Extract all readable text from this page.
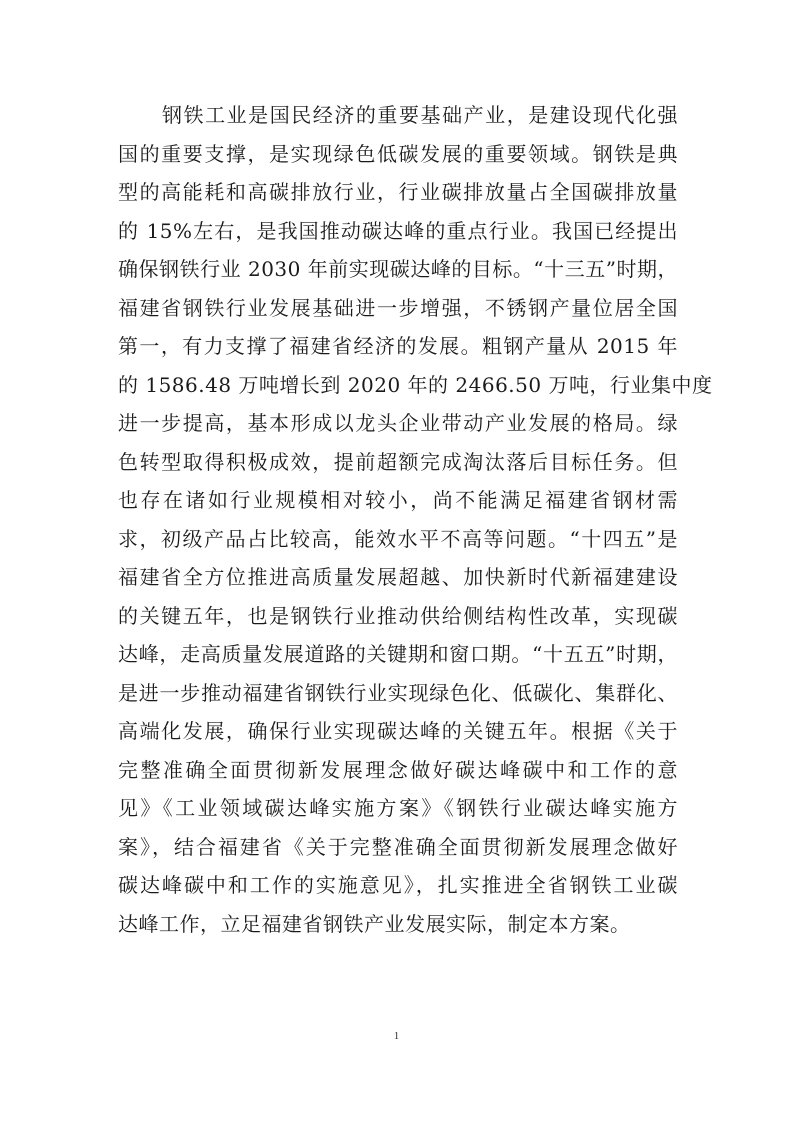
钢铁工业是国民经济的重要基础产业，是建设现代化强
国的重要支撑，是实现绿色低碳发展的重要领域。钢铁是典
型的高能耗和高碳排放行业，行业碳排放量占全国碳排放量
的 15%左右，是我国推动碳达峰的重点行业。我国已经提出
确保钢铁行业 2030 年前实现碳达峰的目标。“十三五”时期，
福建省钢铁行业发展基础进一步增强，不锈钢产量位居全国
第一，有力支撑了福建省经济的发展。粗钢产量从 2015 年
的 1586.48 万吨增长到 2020 年的 2466.50 万吨，行业集中度
进一步提高，基本形成以龙头企业带动产业发展的格局。绿
色转型取得积极成效，提前超额完成淘汰落后目标任务。但
也存在诸如行业规模相对较小，尚不能满足福建省钢材需
求，初级产品占比较高，能效水平不高等问题。“十四五”是
福建省全方位推进高质量发展超越、加快新时代新福建建设
的关键五年，也是钢铁行业推动供给侧结构性改革，实现碳
达峰，走高质量发展道路的关键期和窗口期。“十五五”时期，
是进一步推动福建省钢铁行业实现绿色化、低碳化、集群化、
高端化发展，确保行业实现碳达峰的关键五年。根据《关于
完整准确全面贯彻新发展理念做好碳达峰碳中和工作的意
见》《工业领域碳达峰实施方案》《钢铁行业碳达峰实施方
案》，结合福建省《关于完整准确全面贯彻新发展理念做好
碳达峰碳中和工作的实施意见》，扎实推进全省钢铁工业碳
达峰工作，立足福建省钢铁产业发展实际，制定本方案。
1
